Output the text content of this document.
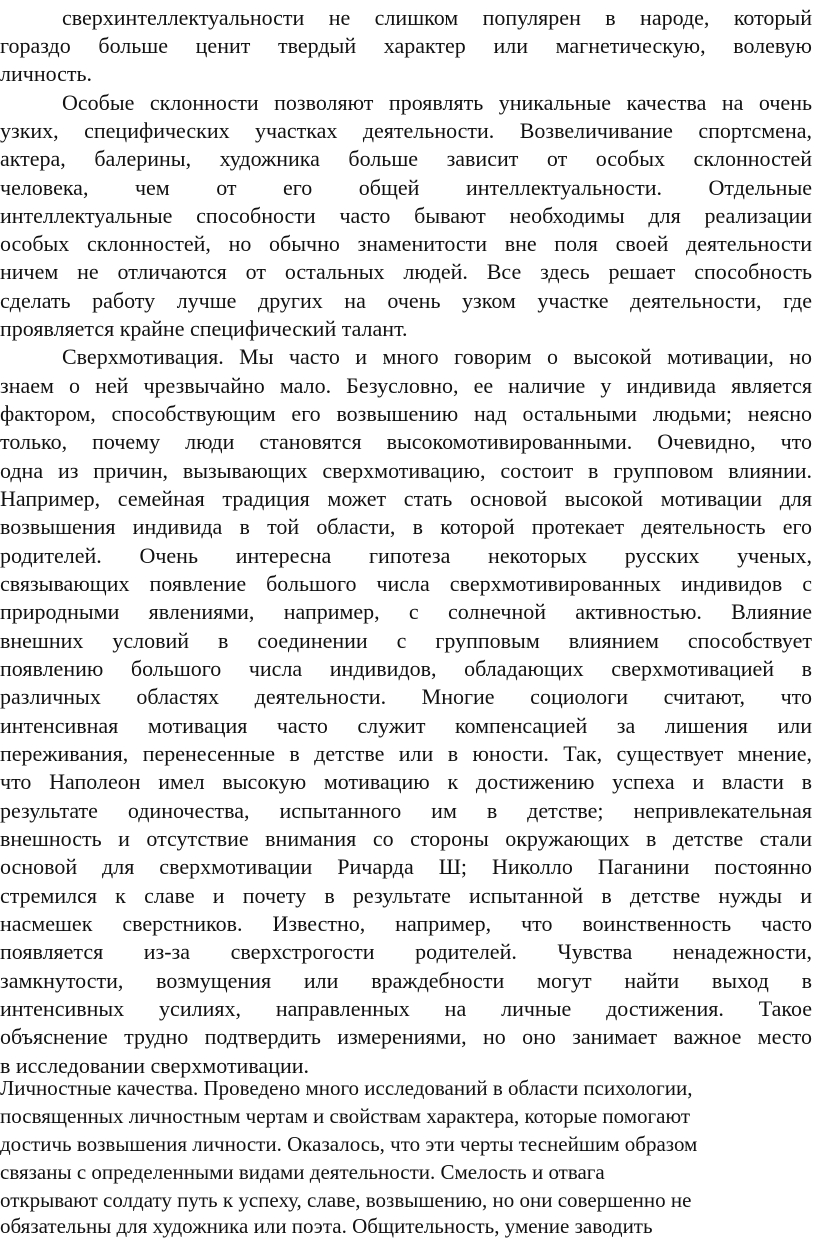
сверхинтеллектуальности не слишком популярен в народе, который
гораздо больше ценит твердый характер или магнетическую, волевую
личность.
Особые склонности позволяют проявлять уникальные качества на очень
узких, специфических участках деятельности. Возвеличивание спортсмена,
актера, балерины, художника больше зависит от особых склонностей
человека, чем от его общей интеллектуальности. Отдельные
интеллектуальные способности часто бывают необходимы для реализации
особых склонностей, но обычно знаменитости вне поля своей деятельности
ничем не отличаются от остальных людей. Все здесь решает способность
сделать работу лучше других на очень узком участке деятельности, где
проявляется крайне специфический талант.
Сверхмотивация. Мы часто и много говорим о высокой мотивации, но
знаем о ней чрезвычайно мало. Безусловно, ее наличие у индивида является
фактором, способствующим его возвышению над остальными людьми; неясно
только, почему люди становятся высокомотивированными. Очевидно, что
одна из причин, вызывающих сверхмотивацию, состоит в групповом влиянии.
Например, семейная традиция может стать основой высокой мотивации для
возвышения индивида в той области, в которой протекает деятельность его
родителей. Очень интересна гипотеза некоторых русских ученых,
связывающих появление большого числа сверхмотивированных индивидов с
природными явлениями, например, с солнечной активностью. Влияние
внешних условий в соединении с групповым влиянием способствует
появлению большого числа индивидов, обладающих сверхмотивацией в
различных областях деятельности. Многие социологи считают, что
интенсивная мотивация часто служит компенсацией за лишения или
переживания, перенесенные в детстве или в юности. Так, существует мнение,
что Наполеон имел высокую мотивацию к достижению успеха и власти в
результате одиночества, испытанного им в детстве; непривлекательная
внешность и отсутствие внимания со стороны окружающих в детстве стали
основой для сверхмотивации Ричарда Ш; Николло Паганини постоянно
стремился к славе и почету в результате испытанной в детстве нужды и
насмешек сверстников. Известно, например, что воинственность часто
появляется из-за сверхстрогости родителей. Чувства ненадежности,
замкнутости, возмущения или враждебности могут найти выход в
интенсивных усилиях, направленных на личные достижения. Такое
объяснение трудно подтвердить измерениями, но оно занимает важное место
в исследовании сверхмотивации.
Личностные качества. Проведено много исследований в области психологии,
посвященных личностным чертам и свойствам характера, которые помогают
достичь возвышения личности. Оказалось, что эти черты теснейшим образом
связаны с определенными видами деятельности. Смелость и отвага
открывают солдату путь к успеху, славе, возвышению, но они совершенно не
обязательны для художника или поэта. Общительность, умение заводить
